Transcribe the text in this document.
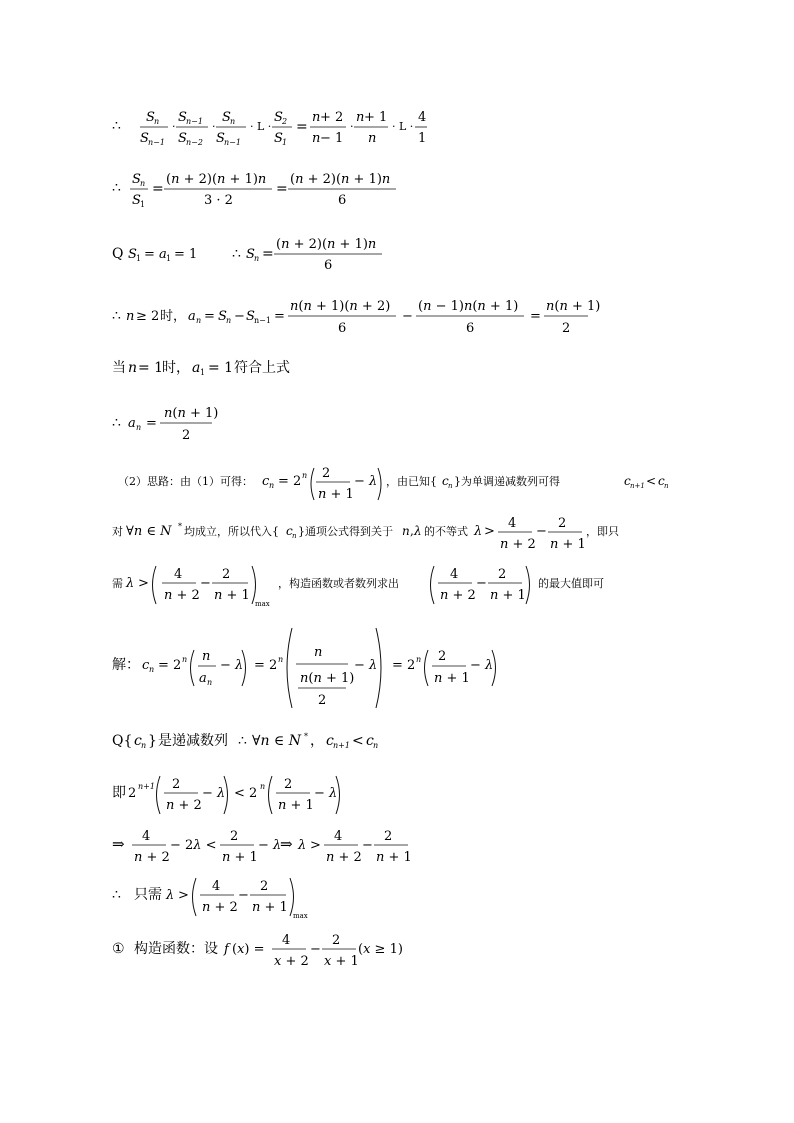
∴
S n
S n−1
·
S n−1
S n−2
·
S n
S n−1
· L ·
S 2
S 1
=
n + 2
n − 1
·
n + 1
n
· L ·
4
1
∴
S n
S 1
=
(n + 2)(n + 1)n
3 · 2
=
(n + 2)(n + 1)n
6
Q S 1 = a 1 = 1 ∴ S n =
(n + 2)(n + 1)n
6
∴ n ≥ 2 时， a n = S n − S n−1 =
n(n + 1)(n + 2)
6
−
(n − 1)n(n + 1)
6
=
n(n + 1)
2
当 n = 1
时， a 1 = 1 符合上式
∴ a n =
n(n + 1)
2
（2）思路：由（1）可得： c n = 2 n 2
n + 1
− λ ，由已知{ c n }为单调递减数列可得	c n+1 < c n
对 ∀n ∈ N * 均成立，所以代入{ c n }通项公式得到关于 n , λ 的不等式 λ >
4
n + 2
−
2
n + 1
，即只
需 λ >
4
n + 2
−
2
n + 1
max
，构造函数或者数列求出
4
n + 2
−
2
n + 1
的最大值即可
解： c n = 2 n n
a n
− λ = 2 n n
n(n + 1)
2
− λ = 2 n 2
n + 1
− λ
Q{ c n } 是递减数列 ∴ ∀n ∈ N * ， c n+1 < c n
即 2 n+1 2
n + 2
− λ < 2 n 2
n + 1
− λ
⇒ 4
n + 2
− 2λ <
2
n + 1
− λ
⇒ λ >
4
n + 2
−
2
n + 1
∴ 只需 λ >
4
n + 2
−
2
n + 1
max
① 构造函数：设 f (x) =
4
x + 2
−
2
x + 1
(x ≥ 1)
